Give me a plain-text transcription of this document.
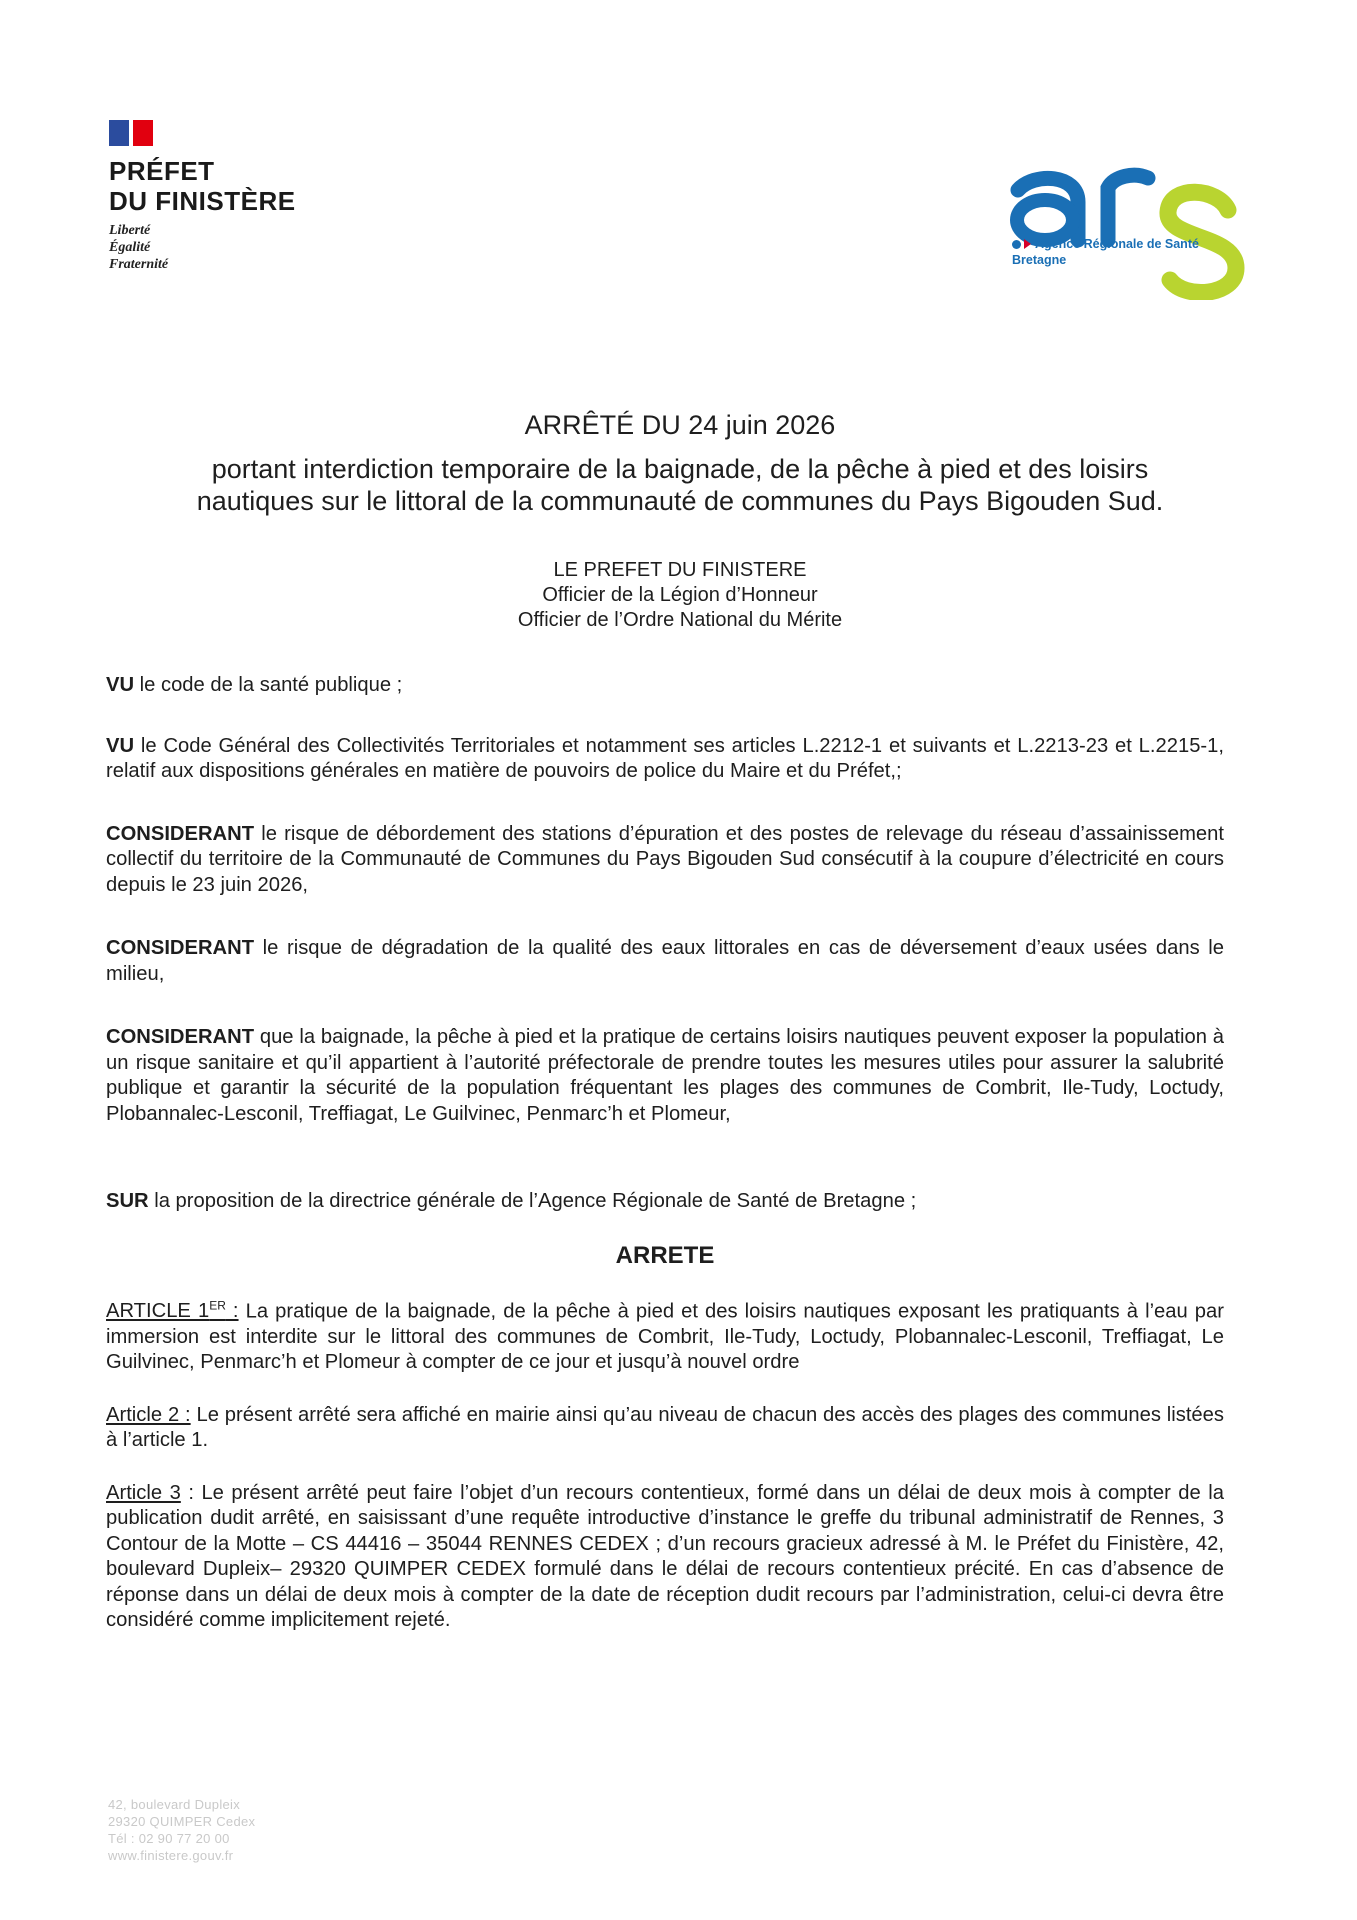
PRÉFET
DU FINISTÈRE
Liberté
Égalité
Fraternité
Agence Régionale de Santé
Bretagne
ARRÊTÉ DU 24 juin 2026
portant interdiction temporaire de la baignade, de la pêche à pied et des loisirs
nautiques sur le littoral de la communauté de communes du Pays Bigouden Sud.
LE PREFET DU FINISTERE
Officier de la Légion d’Honneur
Officier de l’Ordre National du Mérite

VU le code de la santé publique ;

VU le Code Général des Collectivités Territoriales et notamment ses articles L.2212-1 et suivants et L.2213-23 et L.2215-1, relatif aux dispositions générales en matière de pouvoirs de police du Maire et du Préfet,;

CONSIDERANT le risque de débordement des stations d’épuration et des postes de relevage du réseau d’assainissement collectif du territoire de la Communauté de Communes du Pays Bigouden Sud consécutif à la coupure d’électricité en cours depuis le 23 juin 2026,

CONSIDERANT le risque de dégradation de la qualité des eaux littorales en cas de déversement d’eaux usées dans le milieu,

CONSIDERANT que la baignade, la pêche à pied et la pratique de certains loisirs nautiques peuvent exposer la population à un risque sanitaire et qu’il appartient à l’autorité préfectorale de prendre toutes les mesures utiles pour assurer la salubrité publique et garantir la sécurité de la population fréquentant les plages des communes de Combrit, Ile-Tudy, Loctudy, Plobannalec-Lesconil, Treffiagat, Le Guilvinec, Penmarc’h et Plomeur,

SUR la proposition de la directrice générale de l’Agence Régionale de Santé de Bretagne ;

ARRETE

ARTICLE 1ER : La pratique de la baignade, de la pêche à pied et des loisirs nautiques exposant les pratiquants à l’eau par immersion est interdite sur le littoral des communes de Combrit, Ile-Tudy, Loctudy, Plobannalec-Lesconil, Treffiagat, Le Guilvinec, Penmarc’h et Plomeur à compter de ce jour et jusqu’à nouvel ordre

Article 2 : Le présent arrêté sera affiché en mairie ainsi qu’au niveau de chacun des accès des plages des communes listées à l’article 1.

Article 3 : Le présent arrêté peut faire l’objet d’un recours contentieux, formé dans un délai de deux mois à compter de la publication dudit arrêté, en saisissant d’une requête introductive d’instance le greffe du tribunal administratif de Rennes, 3 Contour de la Motte – CS 44416 – 35044 RENNES CEDEX ; d’un recours gracieux adressé à M. le Préfet du Finistère, 42, boulevard Dupleix– 29320 QUIMPER CEDEX formulé dans le délai de recours contentieux précité. En cas d’absence de réponse dans un délai de deux mois à compter de la date de réception dudit recours par l’administration, celui-ci devra être considéré comme implicitement rejeté.

42, boulevard Dupleix
29320 QUIMPER Cedex
Tél : 02 90 77 20 00
www.finistere.gouv.fr
